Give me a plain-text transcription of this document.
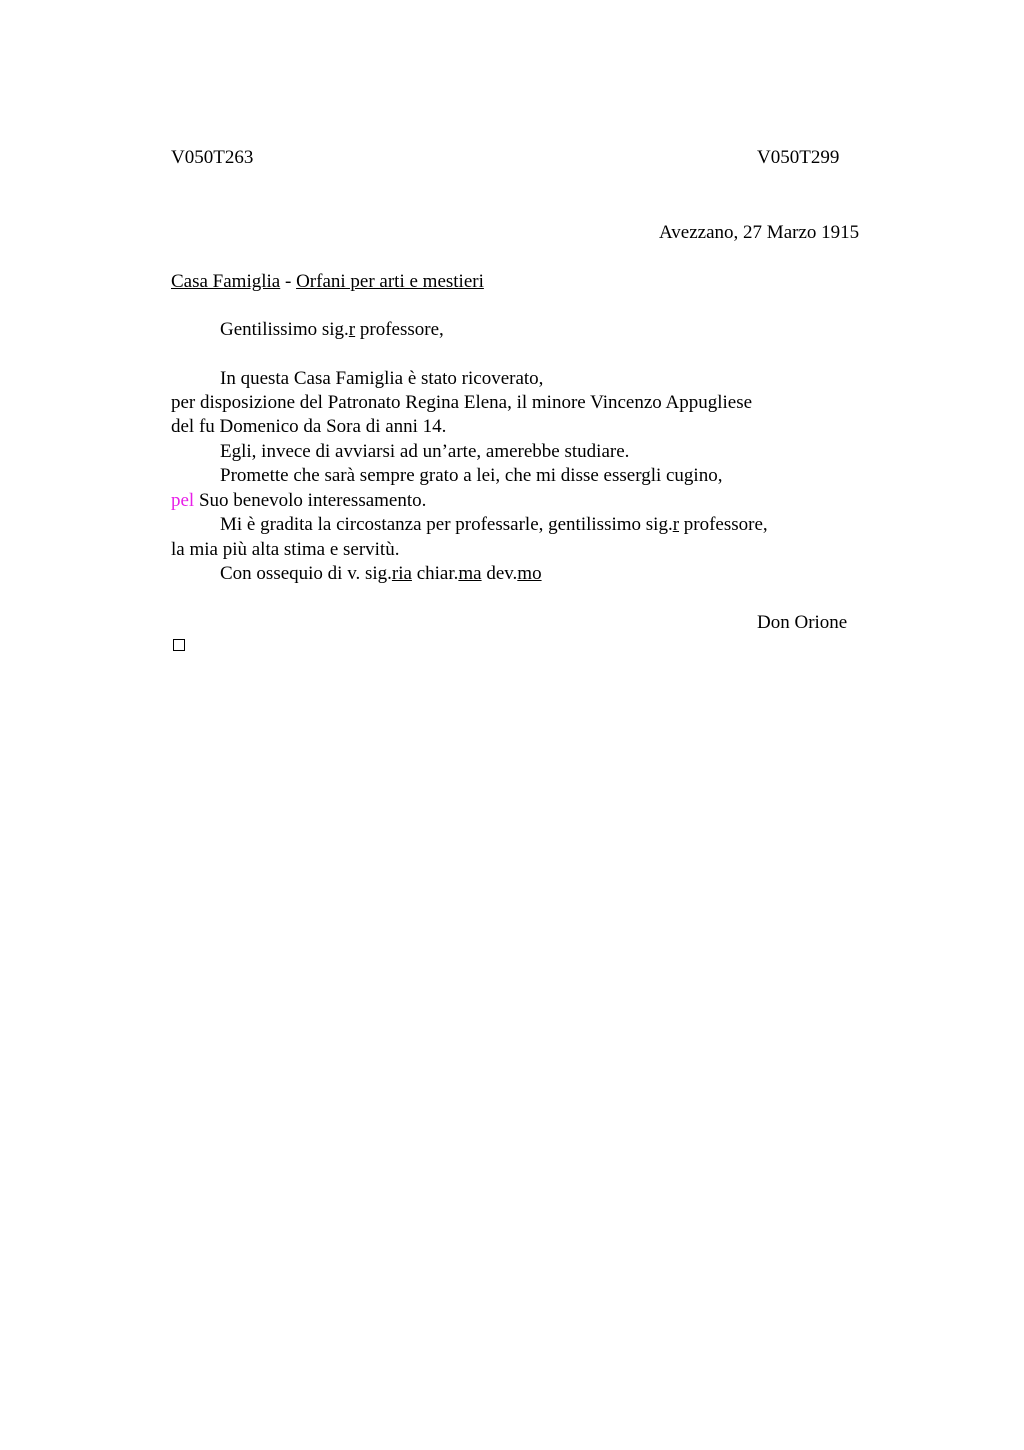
V050T263	V050T299
Avezzano, 27 Marzo 1915
Casa Famiglia - Orfani per arti e mestieri
Gentilissimo sig.r professore,
In questa Casa Famiglia è stato ricoverato,
per disposizione del Patronato Regina Elena, il minore Vincenzo Appugliese
del fu Domenico da Sora di anni 14.
Egli, invece di avviarsi ad un’arte, amerebbe studiare.
Promette che sarà sempre grato a lei, che mi disse essergli cugino,
pel Suo benevolo interessamento.
Mi è gradita la circostanza per professarle, gentilissimo sig.r professore,
la mia più alta stima e servitù.
Con ossequio di v. sig.ria chiar.ma dev.mo
Don Orione
